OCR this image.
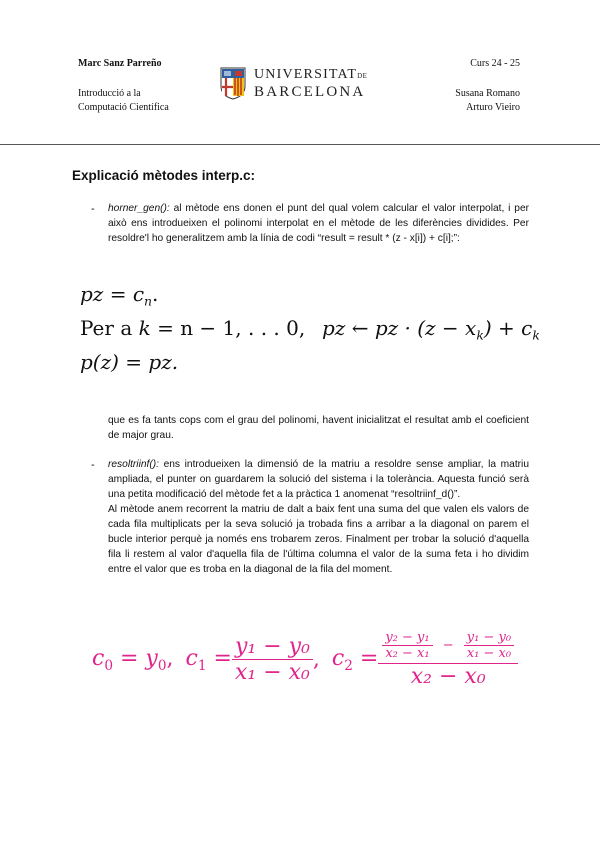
Marc Sanz Parreño
Introducció a la
Computació Científica
UNIVERSITATDE
BARCELONA
Curs 24 - 25
Susana Romano
Arturo Vieiro
Explicació mètodes interp.c:
- horner_gen(): al mètode ens donen el punt del qual volem calcular el valor interpolat, i per això ens introdueixen el polinomi interpolat en el mètode de les diferències dividides. Per resoldre'l ho generalitzem amb la línia de codi “result = result * (z - x[i]) + c[i];”:
pz = $c_n$.
Per a k = n − 1, . . . 0, pz ← pz · $(z - x_k) + c_k$
p(z) = pz.
que es fa tants cops com el grau del polinomi, havent inicialitzat el resultat amb el coeficient de major grau.
- resoltriinf(): ens introdueixen la dimensió de la matriu a resoldre sense ampliar, la matriu ampliada, el punter on guardarem la solució del sistema i la tolerància. Aquesta funció serà una petita modificació del mètode fet a la pràctica 1 anomenat “resoltriinf_d()”.

Al mètode anem recorrent la matriu de dalt a baix fent una suma del que valen els valors de cada fila multiplicats per la seva solució ja trobada fins a arribar a la diagonal on parem el bucle interior perquè ja només ens trobarem zeros. Finalment per trobar la solució d'aquella fila li restem al valor d'aquella fila de l'última columna el valor de la suma feta i ho dividim entre el valor que es troba en la diagonal de la fila del moment.

$c_0 = y_0$, $c_1 = \frac{\text{y₁ − y₀}}{\text{x₁ − x₀}}$ , $c_2 = \frac{\text{y₂ − y₁}}{\text{x₂ − x₁}} - \frac{\text{y₁ − y₀}}{\text{x₁ − x₀}}$
x₂ − x₀
